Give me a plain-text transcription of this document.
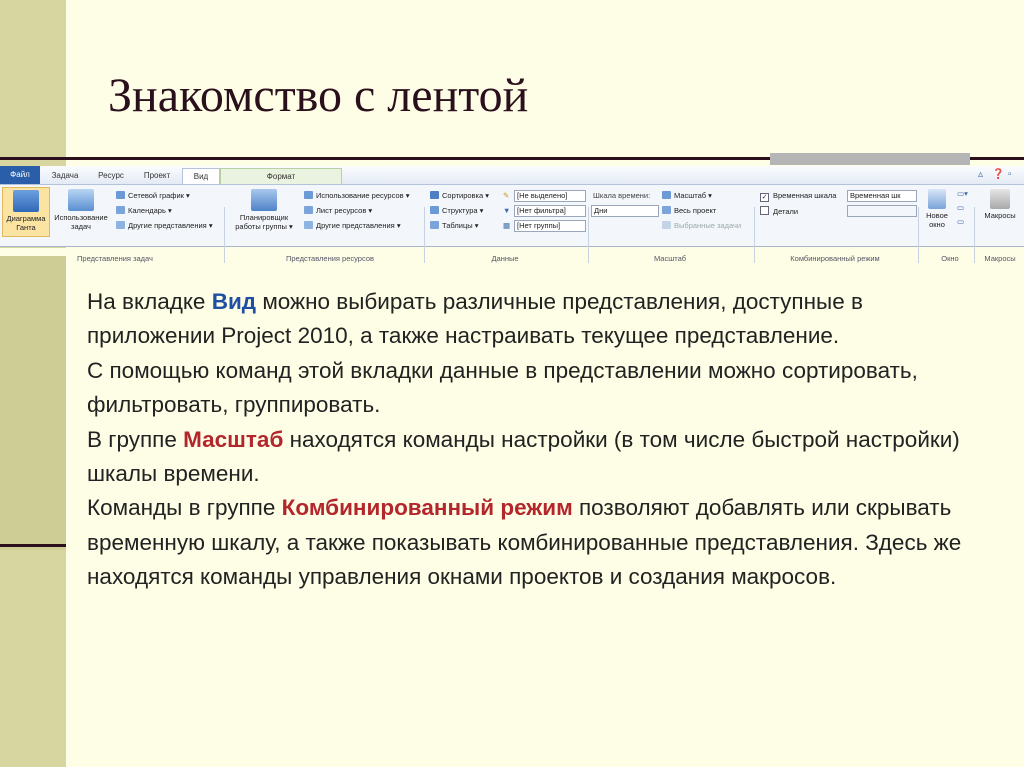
Знакомство с лентой
Файл	Задача	Ресурс	Проект	Вид	Формат	▵ ❓ ▫
Диаграмма Ганта
Использование задач
Сетевой график ▾
Календарь ▾
Другие представления ▾
Представления задач
Планировщик работы группы ▾
Использование ресурсов ▾
Лист ресурсов ▾
Другие представления ▾
Представления ресурсов
Сортировка ▾
Структура ▾
Таблицы ▾
✎
▼
▦
[Не выделено]
[Нет фильтра]
[Нет группы]
Данные
Шкала времени:
Дни
Масштаб ▾
Весь проект
Выбранные задачи
Масштаб
✓ Временная шкала
Детали
Временная шк
Комбинированный режим
Новое окно
▭▾
▭
▭
Окно
Макросы
Макросы

На вкладке Вид можно выбирать различные представления, доступные в приложении Project 2010, а также настраивать текущее представление.

С помощью команд этой вкладки данные в представлении можно сортировать, фильтровать, группировать.

В группе Масштаб находятся команды настройки (в том числе быстрой настройки) шкалы времени.

Команды в группе Комбинированный режим позволяют добавлять или скрывать временную шкалу, а также показывать комбинированные представления. Здесь же находятся команды управления окнами проектов и создания макросов.
